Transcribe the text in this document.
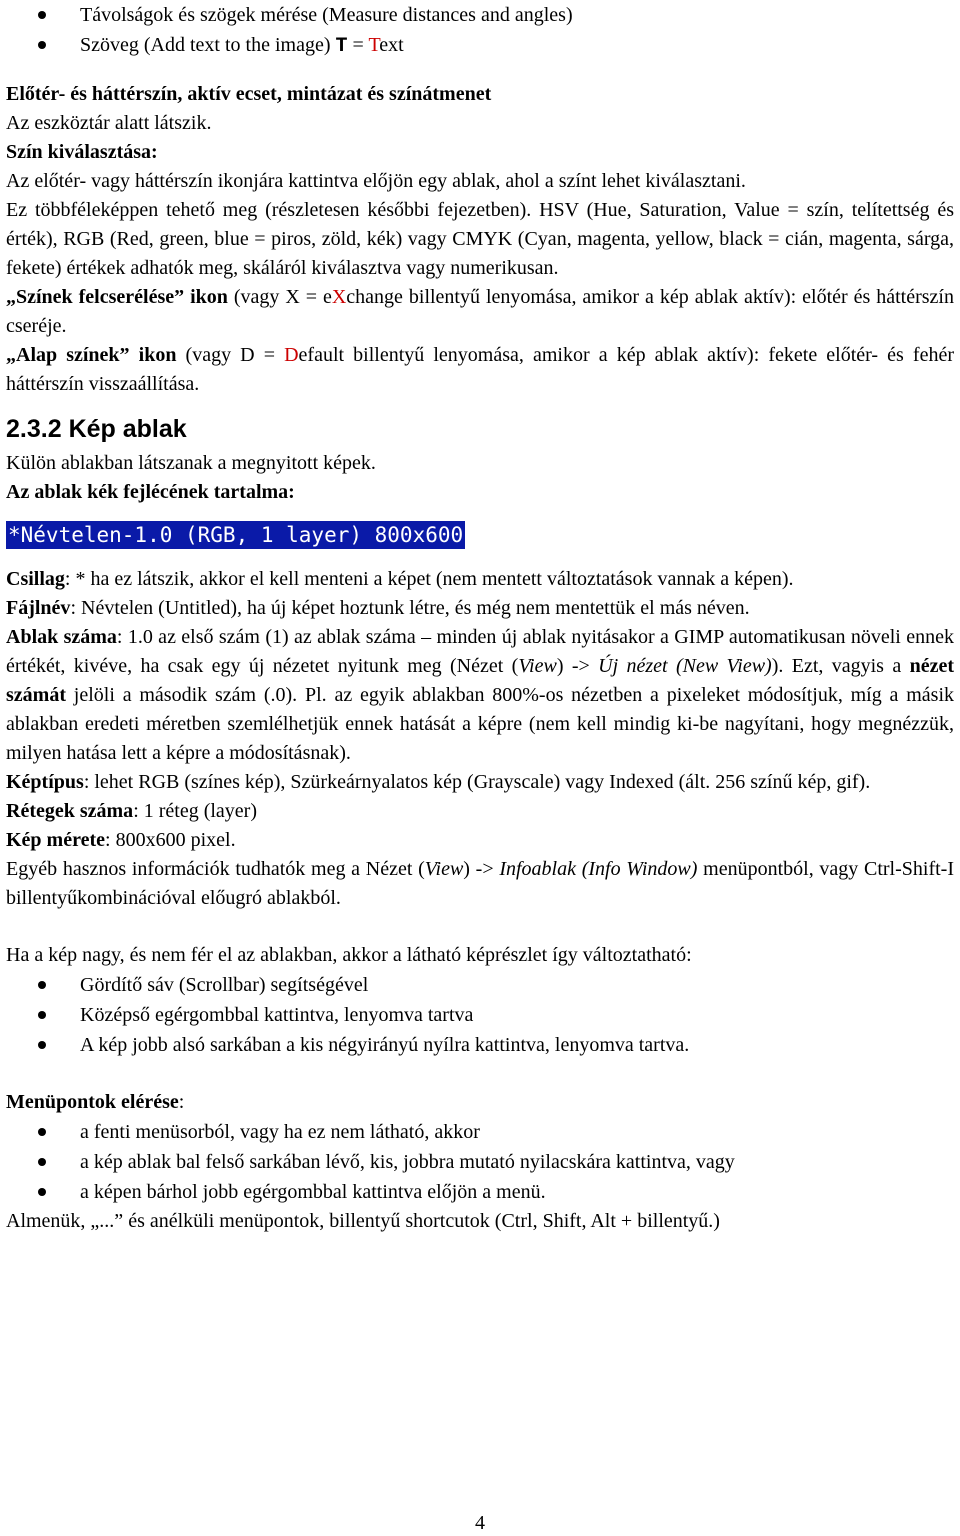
Távolságok és szögek mérése (Measure distances and angles)
Szöveg (Add text to the image) T = Text

Előtér- és háttérszín, aktív ecset, mintázat és színátmenet

Az eszköztár alatt látszik.

Szín kiválasztása:

Az előtér- vagy háttérszín ikonjára kattintva előjön egy ablak, ahol a színt lehet kiválasztani.

Ez többféleképpen tehető meg (részletesen későbbi fejezetben). HSV (Hue, Saturation, Value = szín, telítettség és érték), RGB (Red, green, blue = piros, zöld, kék) vagy CMYK (Cyan, magenta, yellow, black = cián, magenta, sárga, fekete) értékek adhatók meg, skáláról kiválasztva vagy numerikusan.

„Színek felcserélése” ikon (vagy X = eXchange billentyű lenyomása, amikor a kép ablak aktív): előtér és háttérszín cseréje.

„Alap színek” ikon (vagy D = Default billentyű lenyomása, amikor a kép ablak aktív): fekete előtér- és fehér háttérszín visszaállítása.

2.3.2 Kép ablak

Külön ablakban látszanak a megnyitott képek.

Az ablak kék fejlécének tartalma:

*Névtelen-1.0 (RGB, 1 layer) 800x600

Csillag: * ha ez látszik, akkor el kell menteni a képet (nem mentett változtatások vannak a képen).

Fájlnév: Névtelen (Untitled), ha új képet hoztunk létre, és még nem mentettük el más néven.

Ablak száma: 1.0 az első szám (1) az ablak száma – minden új ablak nyitásakor a GIMP automatikusan növeli ennek értékét, kivéve, ha csak egy új nézetet nyitunk meg (Nézet (View) -> Új nézet (New View)). Ezt, vagyis a nézet számát jelöli a második szám (.0). Pl. az egyik ablakban 800%-os nézetben a pixeleket módosítjuk, míg a másik ablakban eredeti méretben szemlélhetjük ennek hatását a képre (nem kell mindig ki-be nagyítani, hogy megnézzük, milyen hatása lett a képre a módosításnak).

Képtípus: lehet RGB (színes kép), Szürkeárnyalatos kép (Grayscale) vagy Indexed (ált. 256 színű kép, gif).

Rétegek száma: 1 réteg (layer)

Kép mérete: 800x600 pixel.

Egyéb hasznos információk tudhatók meg a Nézet (View) -> Infoablak (Info Window) menüpontból, vagy Ctrl-Shift-I billentyűkombinációval előugró ablakból.

Ha a kép nagy, és nem fér el az ablakban, akkor a látható képrészlet így változtatható:

Gördítő sáv (Scrollbar) segítségével
Középső egérgombbal kattintva, lenyomva tartva
A kép jobb alsó sarkában a kis négyirányú nyílra kattintva, lenyomva tartva.

Menüpontok elérése:

a fenti menüsorból, vagy ha ez nem látható, akkor
a kép ablak bal felső sarkában lévő, kis, jobbra mutató nyilacskára kattintva, vagy
a képen bárhol jobb egérgombbal kattintva előjön a menü.

Almenük, „...” és anélküli menüpontok, billentyű shortcutok (Ctrl, Shift, Alt + billentyű.)

4
